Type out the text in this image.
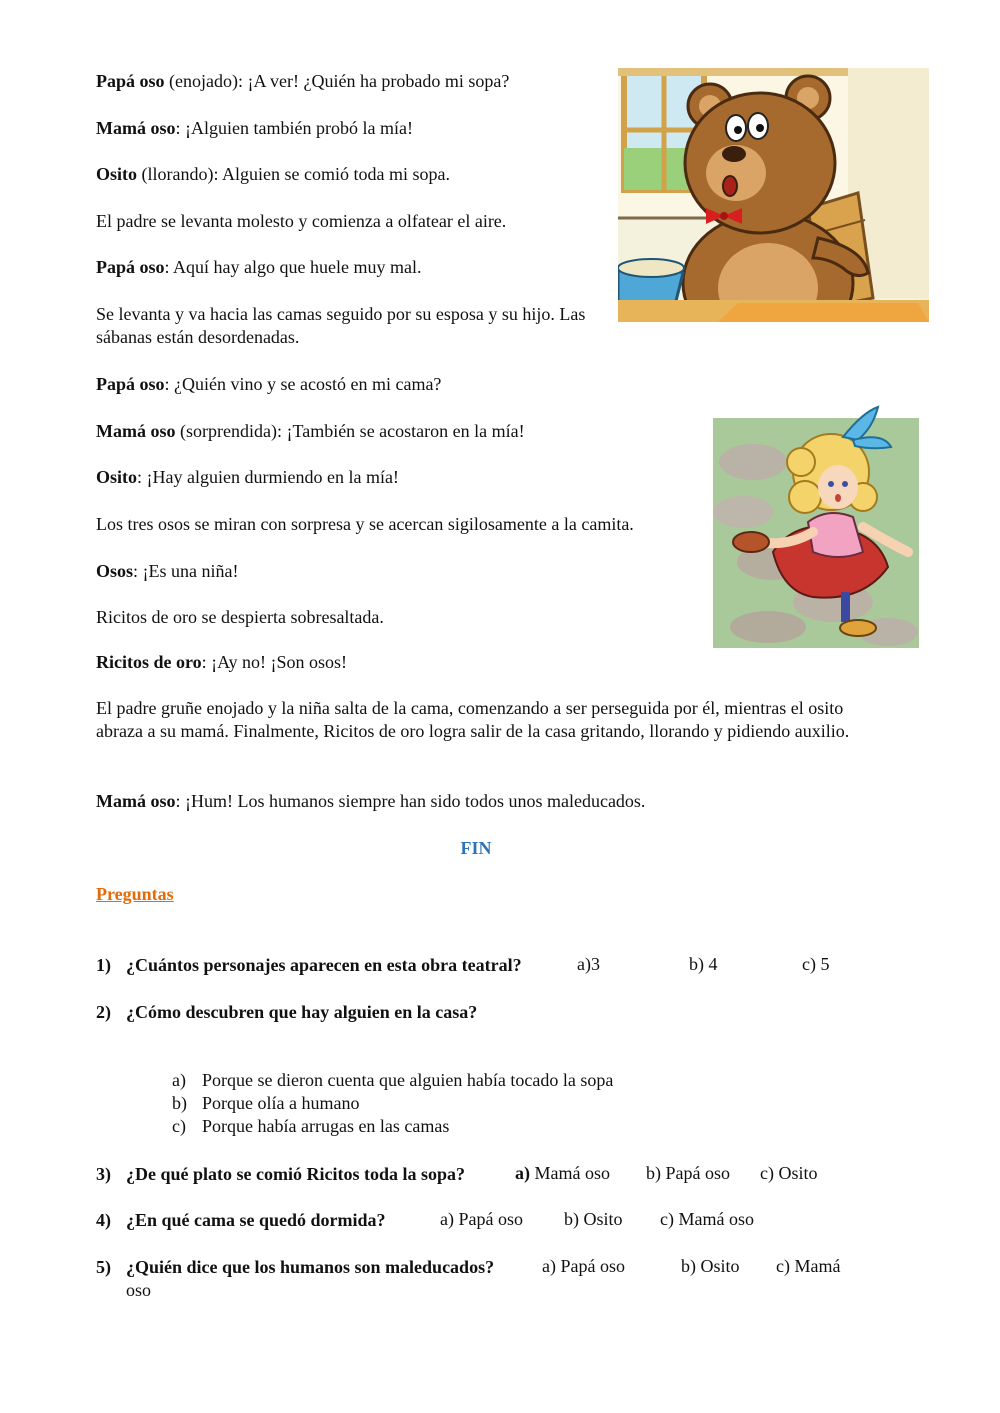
Papá oso (enojado): ¡A ver! ¿Quién ha probado mi sopa?

Mamá oso: ¡Alguien también probó la mía!

Osito (llorando): Alguien se comió toda mi sopa.

El padre se levanta molesto y comienza a olfatear el aire.

Papá oso: Aquí hay algo que huele muy mal.

Se levanta y va hacia las camas seguido por su esposa y su hijo. Las sábanas están desordenadas.

Papá oso: ¿Quién vino y se acostó en mi cama?

Mamá oso (sorprendida): ¡También se acostaron en la mía!

Osito: ¡Hay alguien durmiendo en la mía!

Los tres osos se miran con sorpresa y se acercan sigilosamente a la camita.

Osos: ¡Es una niña!

Ricitos de oro se despierta sobresaltada.

Ricitos de oro: ¡Ay no! ¡Son osos!

El padre gruñe enojado y la niña salta de la cama, comenzando a ser perseguida por él, mientras el osito abraza a su mamá. Finalmente, Ricitos de oro logra salir de la casa gritando, llorando y pidiendo auxilio.

Mamá oso: ¡Hum! Los humanos siempre han sido todos unos maleducados.

FIN
Preguntas
1) ¿Cuántos personajes aparecen en esta obra teatral?	a)3	b) 4	c) 5
2) ¿Cómo descubren que hay alguien en la casa?
a) Porque se dieron cuenta que alguien había tocado la sopa
b) Porque olía a humano
c) Porque había arrugas en las camas
3) ¿De qué plato se comió Ricitos toda la sopa?	a) Mamá oso b) Papá oso c) Osito
4) ¿En qué cama se quedó dormida?	a) Papá oso b) Osito c) Mamá oso
5) ¿Quién dice que los humanos son maleducados?	a) Papá oso	b) Osito c) Mamá
oso
